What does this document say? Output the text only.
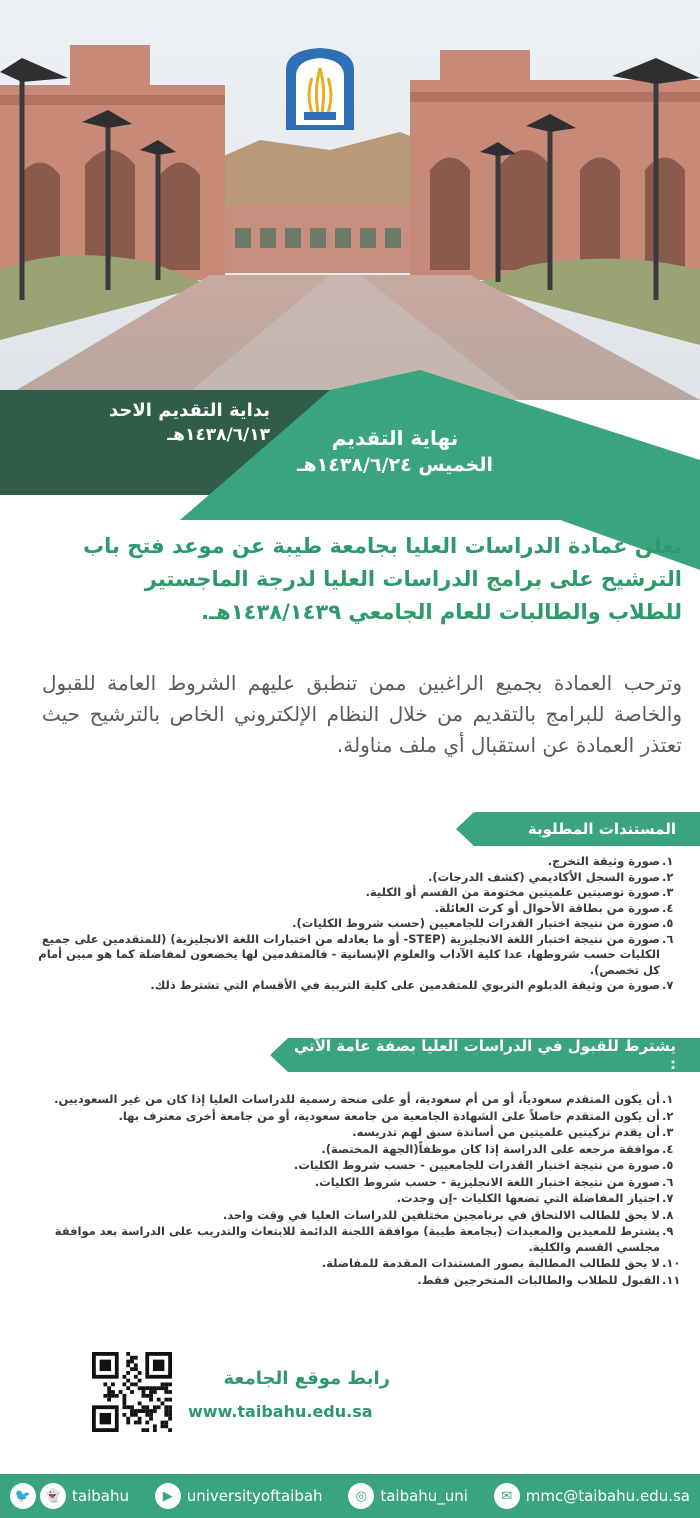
بداية التقديم الاحد
١٤٣٨/٦/١٣هـ	نهاية التقديم
الخميس ١٤٣٨/٦/٢٤هـ

تعلن عمادة الدراسات العليا بجامعة طيبة عن موعد فتح باب الترشيح على برامج الدراسات العليا لدرجة الماجستير للطلاب والطالبات للعام الجامعي ١٤٣٨/١٤٣٩هـ.

وترحب العمادة بجميع الراغبين ممن تنطبق عليهم الشروط العامة للقبول والخاصة للبرامج بالتقديم من خلال النظام الإلكتروني الخاص بالترشيح حيث تعتذر العمادة عن استقبال أي ملف مناولة.

المستندات المطلوبة
١.
صورة وثيقة التخرج.
٢.
صورة السجل الأكاديمي (كشف الدرجات).
٣.
صورة توصيتين علميتين مختومة من القسم أو الكلية.
٤.
صورة من بطاقة الأحوال أو كرت العائلة.
٥.
صورة من نتيجة اختبار القدرات للجامعيين (حسب شروط الكليات).
٦.
صورة من نتيجة اختبار اللغة الانجليزية (STEP- أو ما يعادله من اختبارات اللغة الانجليزية) (للمتقدمين على جميع الكليات حسب شروطها، عدا كلية الآداب والعلوم الإنسانية - فالمتقدمين لها يخضعون لمفاضلة كما هو مبين أمام كل تخصص).
٧.
صورة من وثيقة الدبلوم التربوي للمتقدمين على كلية التربية في الأقسام التي تشترط ذلك.
يشترط للقبول في الدراسات العليا بصفة عامة الآتي :
١.
أن يكون المتقدم سعودياً، أو من أم سعودية، أو على منحة رسمية للدراسات العليا إذا كان من غير السعوديين.
٢.
أن يكون المتقدم حاصلاً على الشهادة الجامعية من جامعة سعودية، أو من جامعة أخرى معترف بها.
٣.
أن يقدم تزكيتين علميتين من أساتذة سبق لهم تدريسه.
٤.
موافقة مرجعه على الدراسة إذا كان موظفاً(الجهة المختصة).
٥.
صورة من نتيجة اختبار القدرات للجامعيين - حسب شروط الكليات.
٦.
صورة من نتيجة اختبار اللغة الانجليزية - حسب شروط الكليات.
٧.
اجتياز المفاضلة التي تضعها الكليات -إن وجدت.
٨.
لا يحق للطالب الالتحاق في برنامجين مختلفين للدراسات العليا في وقت واحد.
٩.
يشترط للمعيدين والمعيدات (بجامعة طيبة) موافقة اللجنة الدائمة للابتعاث والتدريب على الدراسة بعد موافقة مجلسي القسم والكلية.
١٠.
لا يحق للطالب المطالبة بصور المستندات المقدمة للمفاضلة.
١١.
القبول للطلاب والطالبات المتخرجين فقط.
رابط موقع الجامعة
www.taibahu.edu.sa
🐦	👻 taibahu	▶ universityoftaibah	◎ taibahu_uni	✉ mmc@taibahu.edu.sa
